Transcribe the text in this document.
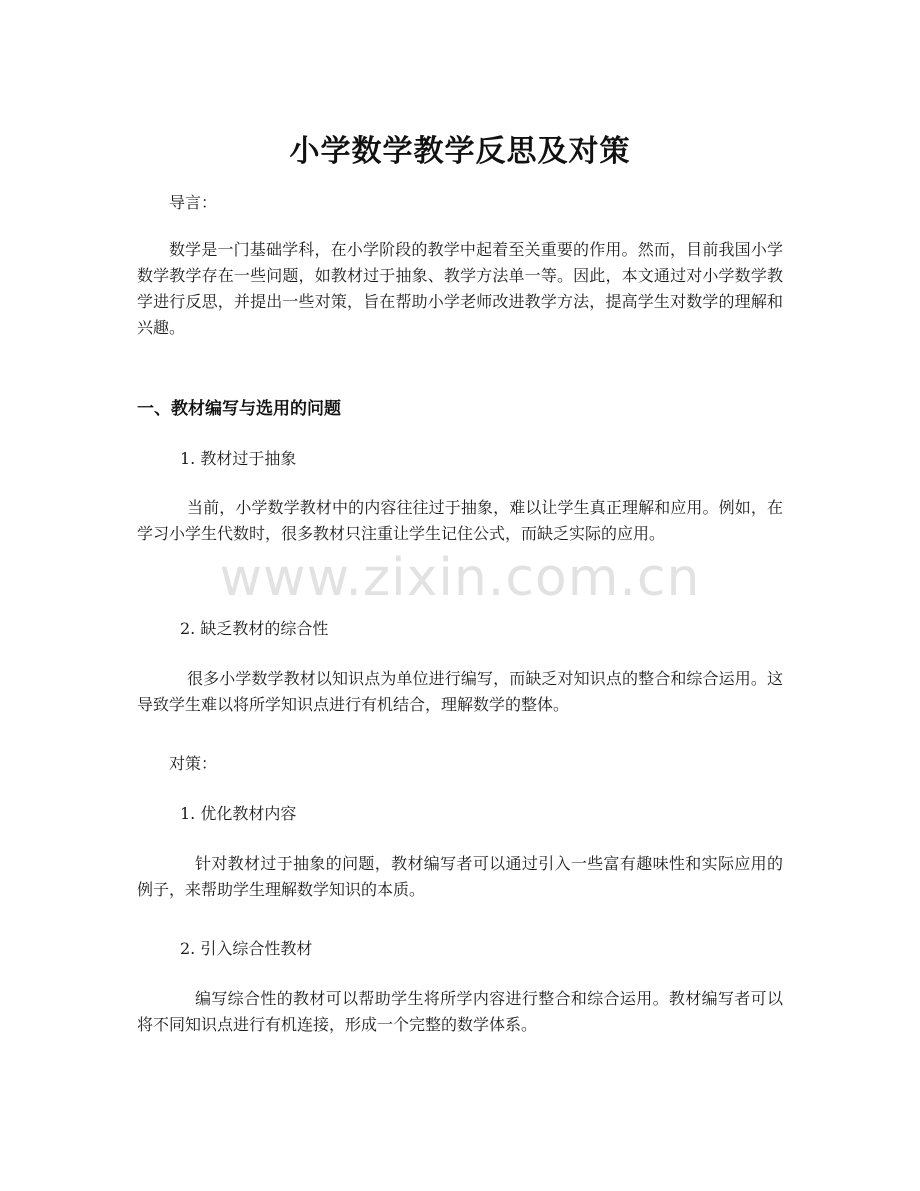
小学数学教学反思及对策

导言：

数学是一门基础学科，在小学阶段的教学中起着至关重要的作用。然而，目前我国小学数学教学存在一些问题，如教材过于抽象、教学方法单一等。因此，本文通过对小学数学教学进行反思，并提出一些对策，旨在帮助小学老师改进教学方法，提高学生对数学的理解和兴趣。

一、教材编写与选用的问题

1. 教材过于抽象

当前，小学数学教材中的内容往往过于抽象，难以让学生真正理解和应用。例如，在学习小学生代数时，很多教材只注重让学生记住公式，而缺乏实际的应用。

2. 缺乏教材的综合性

很多小学数学教材以知识点为单位进行编写，而缺乏对知识点的整合和综合运用。这导致学生难以将所学知识点进行有机结合，理解数学的整体。

对策：

1. 优化教材内容

针对教材过于抽象的问题，教材编写者可以通过引入一些富有趣味性和实际应用的例子，来帮助学生理解数学知识的本质。

2. 引入综合性教材

编写综合性的教材可以帮助学生将所学内容进行整合和综合运用。教材编写者可以将不同知识点进行有机连接，形成一个完整的数学体系。

www.zixin.com.cn
